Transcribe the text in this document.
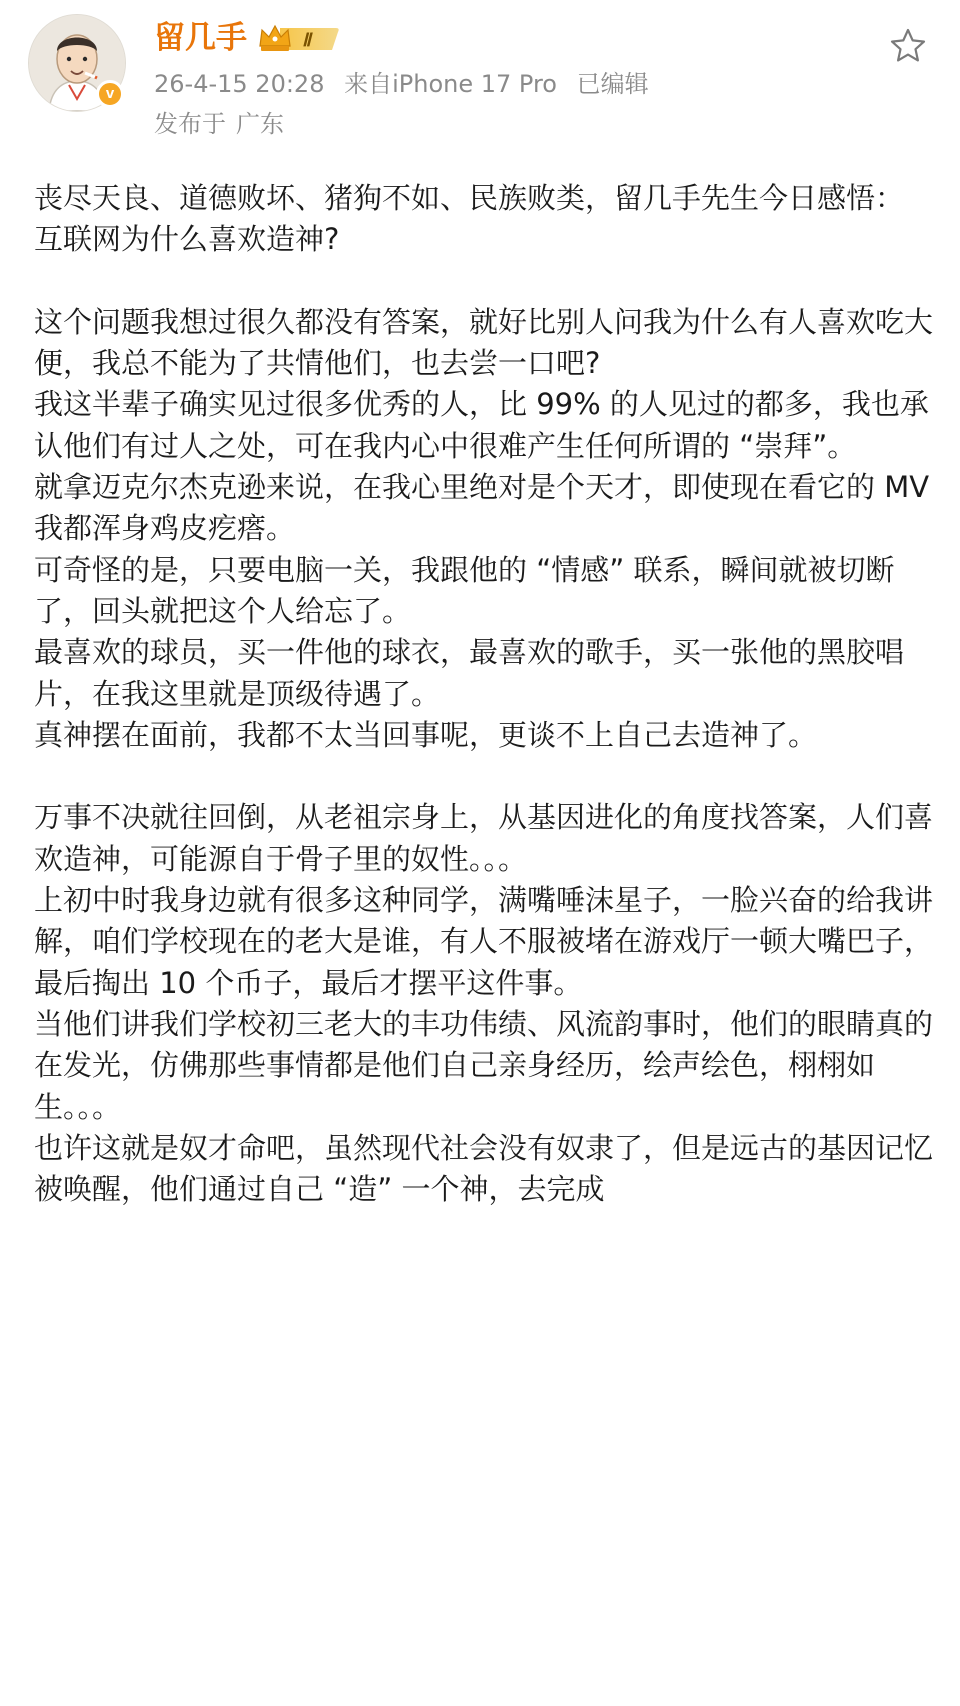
v
留几手	Ⅱ
26-4-15 20:28 来自iPhone 17 Pro 已编辑
发布于 广东

丧尽天良、道德败坏、猪狗不如、民族败类，留几手先生今日感悟：

互联网为什么喜欢造神?

这个问题我想过很久都没有答案，就好比别人问我为什么有人喜欢吃大便，我总不能为了共情他们，也去尝一口吧?

我这半辈子确实见过很多优秀的人，比 99% 的人见过的都多，我也承认他们有过人之处，可在我内心中很难产生任何所谓的 “崇拜”。

就拿迈克尔杰克逊来说，在我心里绝对是个天才，即使现在看它的 MV 我都浑身鸡皮疙瘩。

可奇怪的是，只要电脑一关，我跟他的 “情感” 联系，瞬间就被切断了，回头就把这个人给忘了。

最喜欢的球员，买一件他的球衣，最喜欢的歌手，买一张他的黑胶唱片，在我这里就是顶级待遇了。

真神摆在面前，我都不太当回事呢，更谈不上自己去造神了。

万事不决就往回倒，从老祖宗身上，从基因进化的角度找答案，人们喜欢造神，可能源自于骨子里的奴性。。。

上初中时我身边就有很多这种同学，满嘴唾沫星子，一脸兴奋的给我讲解，咱们学校现在的老大是谁，有人不服被堵在游戏厅一顿大嘴巴子，最后掏出 10 个币子，最后才摆平这件事。

当他们讲我们学校初三老大的丰功伟绩、风流韵事时，他们的眼睛真的在发光，仿佛那些事情都是他们自己亲身经历，绘声绘色，栩栩如生。。。

也许这就是奴才命吧，虽然现代社会没有奴隶了，但是远古的基因记忆被唤醒，他们通过自己 “造” 一个神，去完成
